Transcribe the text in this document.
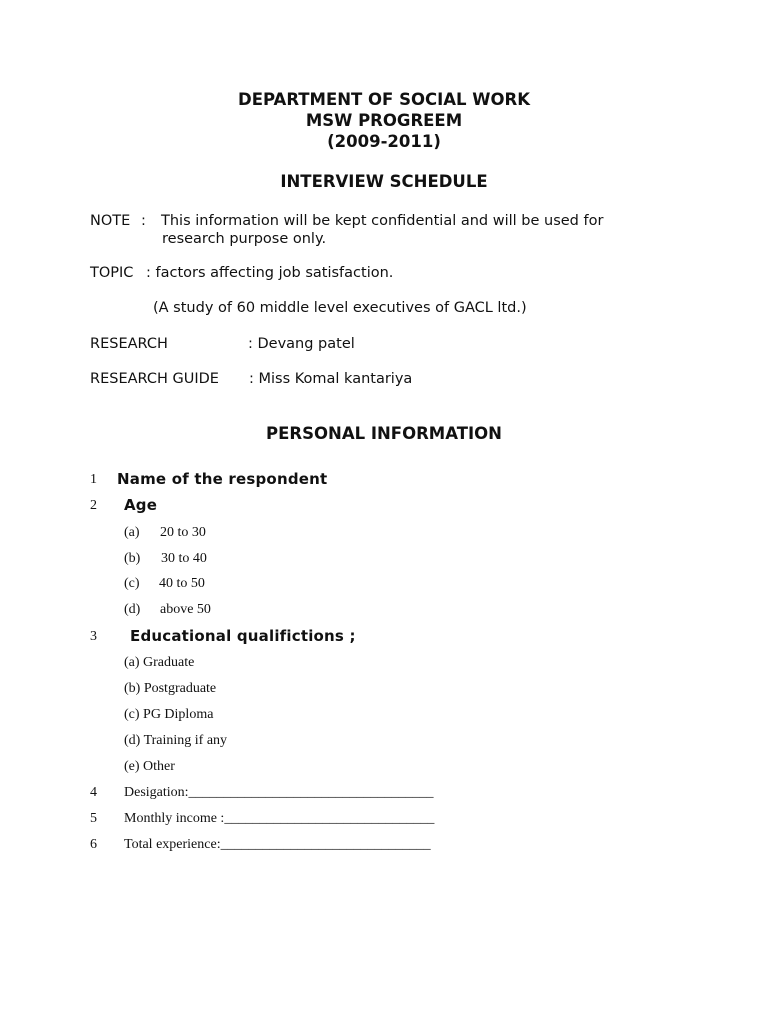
DEPARTMENT OF SOCIAL WORK
MSW PROGREEM
(2009-2011)
INTERVIEW SCHEDULE
NOTE : This information will be kept confidential and will be used for
research purpose only.
TOPIC : factors affecting job satisfaction.
(A study of 60 middle level executives of GACL ltd.)
RESEARCH	: Devang patel
RESEARCH GUIDE : Miss Komal kantariya
PERSONAL INFORMATION
1 Name of the respondent
2 Age
(a) 20 to 30
(b) 30 to 40
(c) 40 to 50
(d) above 50
3 Educational qualifictions ;
(a) Graduate
(b) Postgraduate
(c) PG Diploma
(d) Training if any
(e) Other
4 Desigation:___________________________________
5 Monthly income :______________________________
6 Total experience:______________________________
